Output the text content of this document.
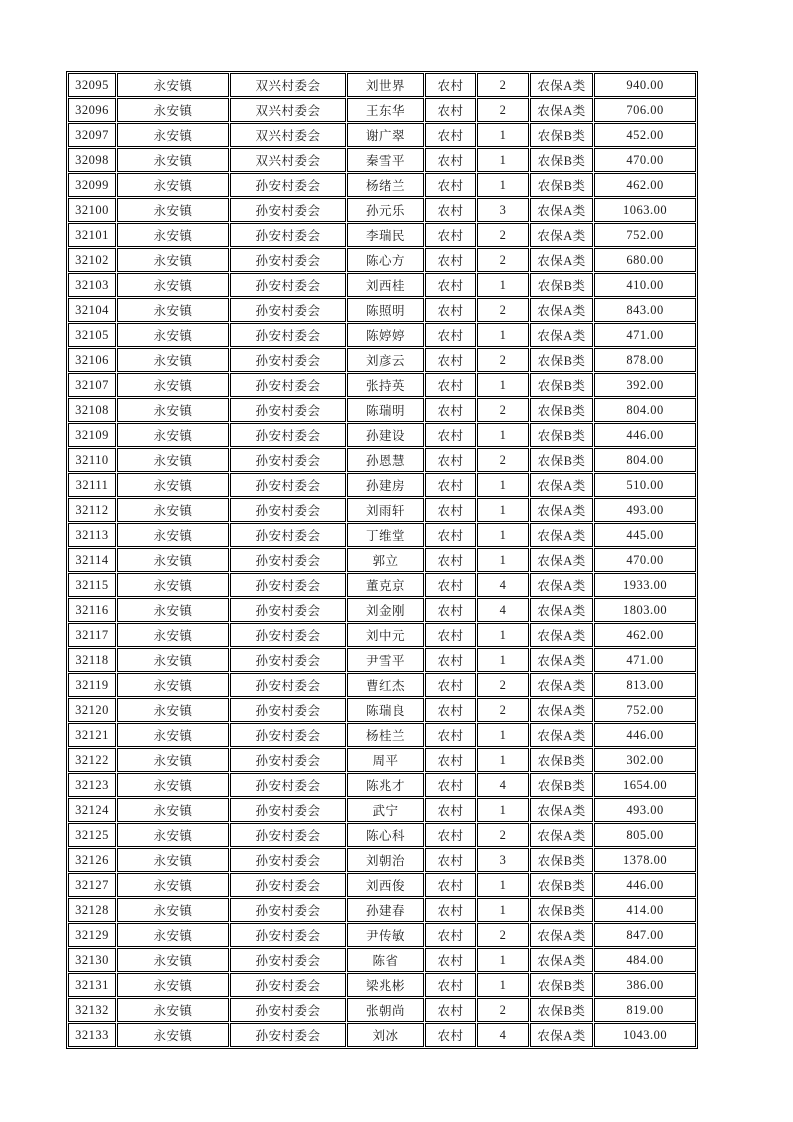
32095	永安镇	双兴村委会	刘世界	农村	2	农保A类	940.00
32096	永安镇	双兴村委会	王东华	农村	2	农保A类	706.00
32097	永安镇	双兴村委会	谢广翠	农村	1	农保B类	452.00
32098	永安镇	双兴村委会	秦雪平	农村	1	农保B类	470.00
32099	永安镇	孙安村委会	杨绪兰	农村	1	农保B类	462.00
32100	永安镇	孙安村委会	孙元乐	农村	3	农保A类	1063.00
32101	永安镇	孙安村委会	李瑞民	农村	2	农保A类	752.00
32102	永安镇	孙安村委会	陈心方	农村	2	农保A类	680.00
32103	永安镇	孙安村委会	刘西桂	农村	1	农保B类	410.00
32104	永安镇	孙安村委会	陈照明	农村	2	农保A类	843.00
32105	永安镇	孙安村委会	陈婷婷	农村	1	农保A类	471.00
32106	永安镇	孙安村委会	刘彦云	农村	2	农保B类	878.00
32107	永安镇	孙安村委会	张持英	农村	1	农保B类	392.00
32108	永安镇	孙安村委会	陈瑞明	农村	2	农保B类	804.00
32109	永安镇	孙安村委会	孙建设	农村	1	农保B类	446.00
32110	永安镇	孙安村委会	孙恩慧	农村	2	农保B类	804.00
32111	永安镇	孙安村委会	孙建房	农村	1	农保A类	510.00
32112	永安镇	孙安村委会	刘雨轩	农村	1	农保A类	493.00
32113	永安镇	孙安村委会	丁维堂	农村	1	农保A类	445.00
32114	永安镇	孙安村委会	郭立	农村	1	农保A类	470.00
32115	永安镇	孙安村委会	董克京	农村	4	农保A类	1933.00
32116	永安镇	孙安村委会	刘金刚	农村	4	农保A类	1803.00
32117	永安镇	孙安村委会	刘中元	农村	1	农保A类	462.00
32118	永安镇	孙安村委会	尹雪平	农村	1	农保A类	471.00
32119	永安镇	孙安村委会	曹红杰	农村	2	农保A类	813.00
32120	永安镇	孙安村委会	陈瑞良	农村	2	农保A类	752.00
32121	永安镇	孙安村委会	杨桂兰	农村	1	农保A类	446.00
32122	永安镇	孙安村委会	周平	农村	1	农保B类	302.00
32123	永安镇	孙安村委会	陈兆才	农村	4	农保B类	1654.00
32124	永安镇	孙安村委会	武宁	农村	1	农保A类	493.00
32125	永安镇	孙安村委会	陈心科	农村	2	农保A类	805.00
32126	永安镇	孙安村委会	刘朝治	农村	3	农保B类	1378.00
32127	永安镇	孙安村委会	刘西俊	农村	1	农保B类	446.00
32128	永安镇	孙安村委会	孙建春	农村	1	农保B类	414.00
32129	永安镇	孙安村委会	尹传敏	农村	2	农保A类	847.00
32130	永安镇	孙安村委会	陈省	农村	1	农保A类	484.00
32131	永安镇	孙安村委会	梁兆彬	农村	1	农保B类	386.00
32132	永安镇	孙安村委会	张朝尚	农村	2	农保B类	819.00
32133	永安镇	孙安村委会	刘冰	农村	4	农保A类	1043.00
